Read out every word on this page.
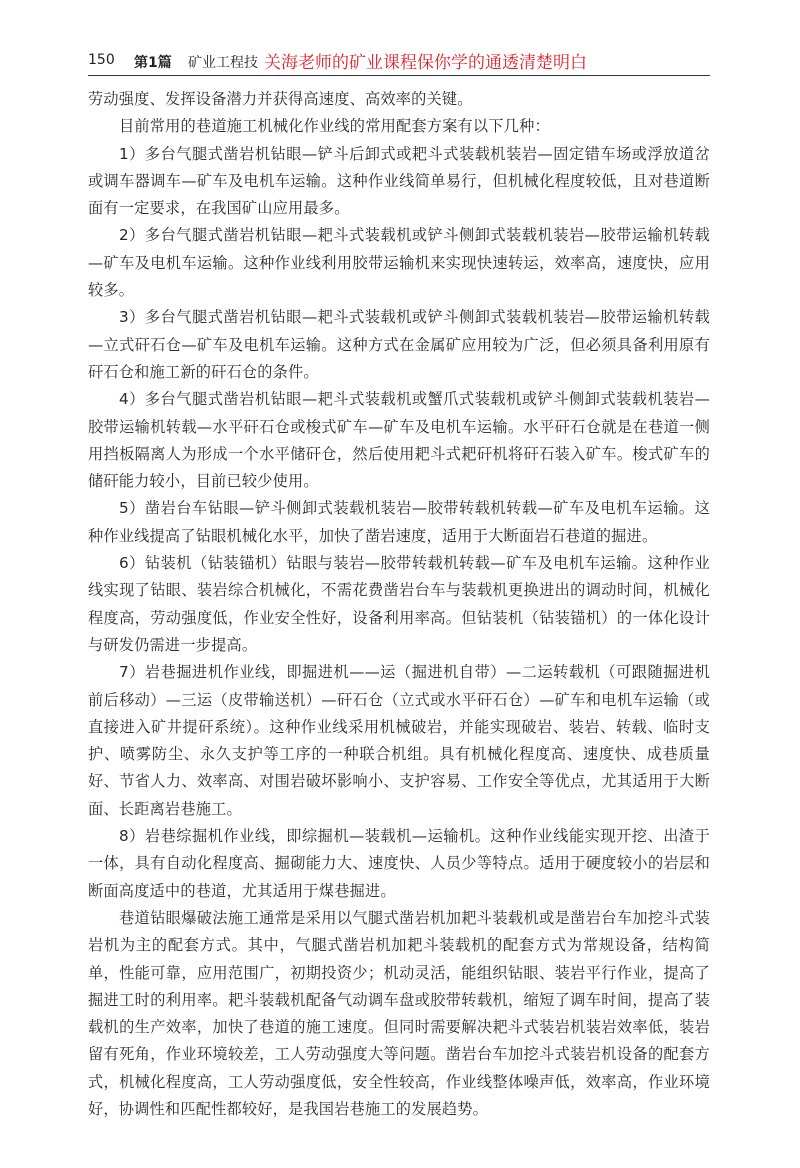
150 第1篇 矿业工程技 关海老师的矿业课程保你学的通透清楚明白

劳动强度、发挥设备潜力并获得高速度、高效率的关键。

目前常用的巷道施工机械化作业线的常用配套方案有以下几种：

1）多台气腿式凿岩机钻眼—铲斗后卸式或耙斗式装载机装岩—固定错车场或浮放道岔或调车器调车—矿车及电机车运输。这种作业线简单易行，但机械化程度较低，且对巷道断面有一定要求，在我国矿山应用最多。

2）多台气腿式凿岩机钻眼—耙斗式装载机或铲斗侧卸式装载机装岩—胶带运输机转载—矿车及电机车运输。这种作业线利用胶带运输机来实现快速转运，效率高，速度快，应用较多。

3）多台气腿式凿岩机钻眼—耙斗式装载机或铲斗侧卸式装载机装岩—胶带运输机转载—立式矸石仓—矿车及电机车运输。这种方式在金属矿应用较为广泛，但必须具备利用原有矸石仓和施工新的矸石仓的条件。

4）多台气腿式凿岩机钻眼—耙斗式装载机或蟹爪式装载机或铲斗侧卸式装载机装岩—胶带运输机转载—水平矸石仓或梭式矿车—矿车及电机车运输。水平矸石仓就是在巷道一侧用挡板隔离人为形成一个水平储矸仓，然后使用耙斗式耙矸机将矸石装入矿车。梭式矿车的储矸能力较小，目前已较少使用。

5）凿岩台车钻眼—铲斗侧卸式装载机装岩—胶带转载机转载—矿车及电机车运输。这种作业线提高了钻眼机械化水平，加快了凿岩速度，适用于大断面岩石巷道的掘进。

6）钻装机（钻装锚机）钻眼与装岩—胶带转载机转载—矿车及电机车运输。这种作业线实现了钻眼、装岩综合机械化，不需花费凿岩台车与装载机更换进出的调动时间，机械化程度高，劳动强度低，作业安全性好，设备利用率高。但钻装机（钻装锚机）的一体化设计与研发仍需进一步提高。

7）岩巷掘进机作业线，即掘进机——运（掘进机自带）—二运转载机（可跟随掘进机前后移动）—三运（皮带输送机）—矸石仓（立式或水平矸石仓）—矿车和电机车运输（或直接进入矿井提矸系统）。这种作业线采用机械破岩，并能实现破岩、装岩、转载、临时支护、喷雾防尘、永久支护等工序的一种联合机组。具有机械化程度高、速度快、成巷质量好、节省人力、效率高、对围岩破坏影响小、支护容易、工作安全等优点，尤其适用于大断面、长距离岩巷施工。

8）岩巷综掘机作业线，即综掘机—装载机—运输机。这种作业线能实现开挖、出渣于一体，具有自动化程度高、掘砌能力大、速度快、人员少等特点。适用于硬度较小的岩层和断面高度适中的巷道，尤其适用于煤巷掘进。

巷道钻眼爆破法施工通常是采用以气腿式凿岩机加耙斗装载机或是凿岩台车加挖斗式装岩机为主的配套方式。其中，气腿式凿岩机加耙斗装载机的配套方式为常规设备，结构简单，性能可靠，应用范围广，初期投资少；机动灵活，能组织钻眼、装岩平行作业，提高了掘进工时的利用率。耙斗装载机配备气动调车盘或胶带转载机，缩短了调车时间，提高了装载机的生产效率，加快了巷道的施工速度。但同时需要解决耙斗式装岩机装岩效率低，装岩留有死角，作业环境较差，工人劳动强度大等问题。凿岩台车加挖斗式装岩机设备的配套方式，机械化程度高，工人劳动强度低，安全性较高，作业线整体噪声低，效率高，作业环境好，协调性和匹配性都较好，是我国岩巷施工的发展趋势。
